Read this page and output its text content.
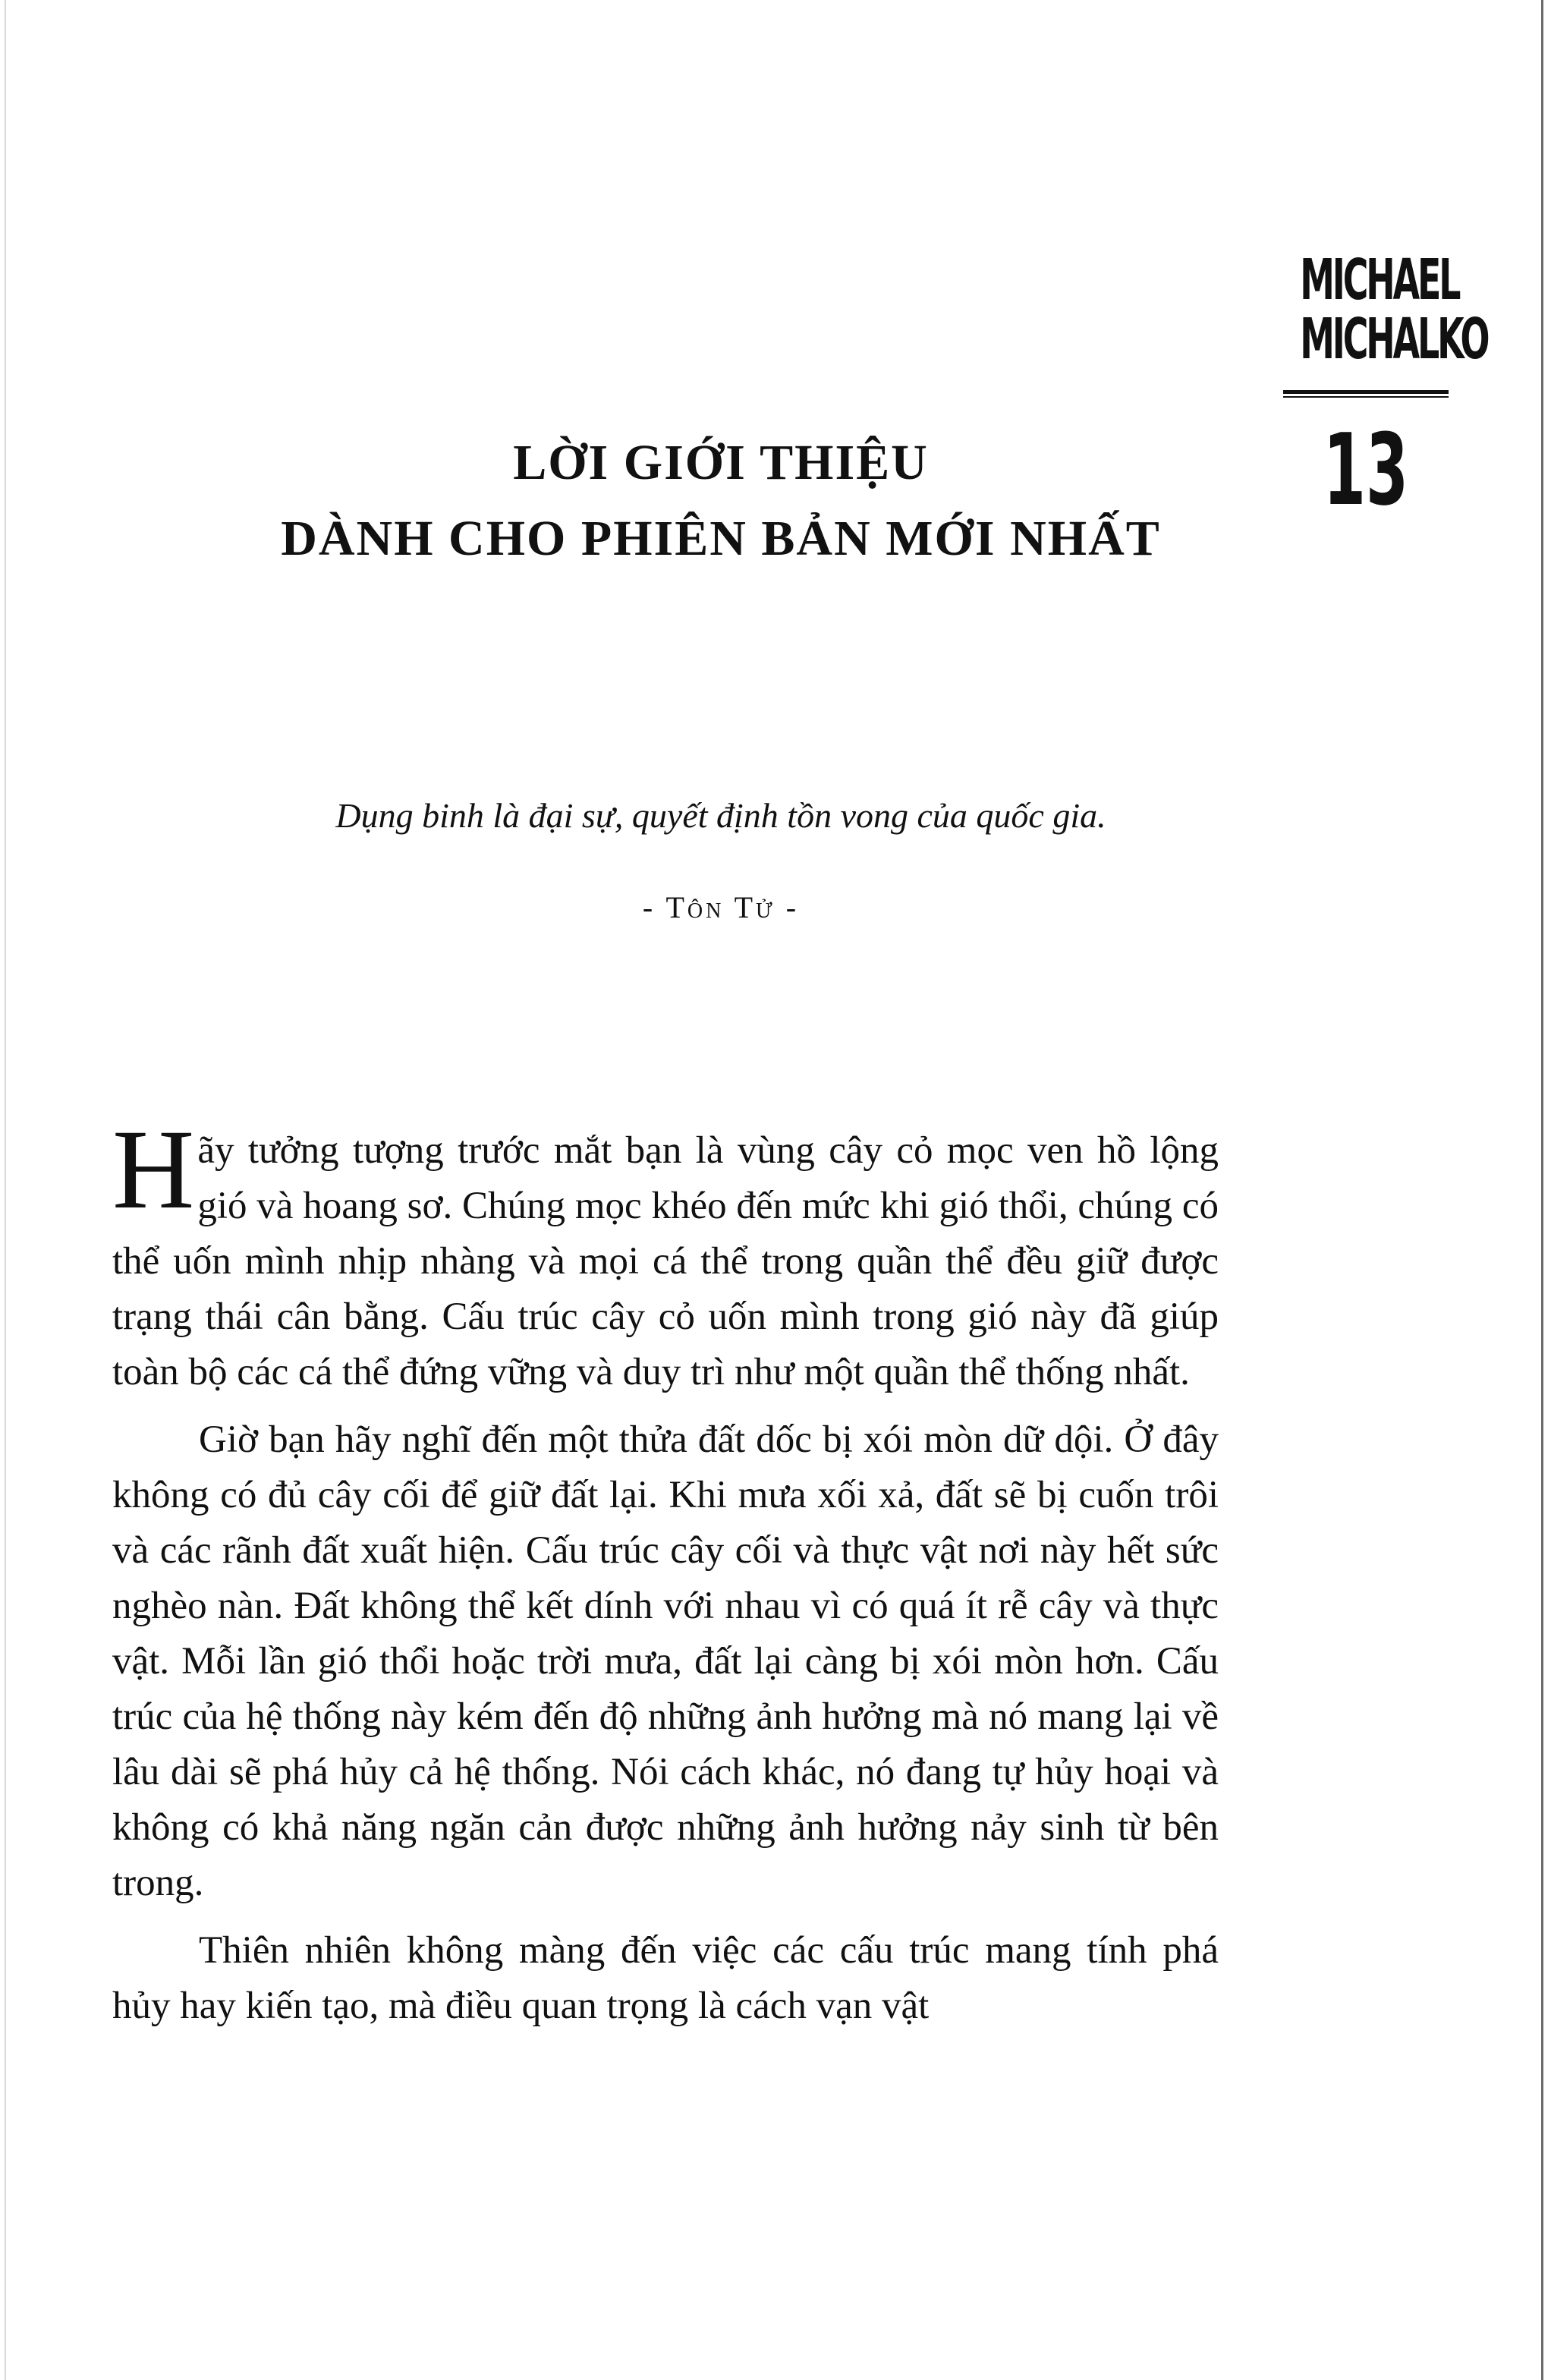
MICHAEL
MICHALKO
13
LỜI GIỚI THIỆU
DÀNH CHO PHIÊN BẢN MỚI NHẤT
Dụng binh là đại sự, quyết định tồn vong của quốc gia.
- Tôn Tử -

Hãy tưởng tượng trước mắt bạn là vùng cây cỏ mọc ven hồ lộng gió và hoang sơ. Chúng mọc khéo đến mức khi gió thổi, chúng có thể uốn mình nhịp nhàng và mọi cá thể trong quần thể đều giữ được trạng thái cân bằng. Cấu trúc cây cỏ uốn mình trong gió này đã giúp toàn bộ các cá thể đứng vững và duy trì như một quần thể thống nhất.

Giờ bạn hãy nghĩ đến một thửa đất dốc bị xói mòn dữ dội. Ở đây không có đủ cây cối để giữ đất lại. Khi mưa xối xả, đất sẽ bị cuốn trôi và các rãnh đất xuất hiện. Cấu trúc cây cối và thực vật nơi này hết sức nghèo nàn. Đất không thể kết dính với nhau vì có quá ít rễ cây và thực vật. Mỗi lần gió thổi hoặc trời mưa, đất lại càng bị xói mòn hơn. Cấu trúc của hệ thống này kém đến độ những ảnh hưởng mà nó mang lại về lâu dài sẽ phá hủy cả hệ thống. Nói cách khác, nó đang tự hủy hoại và không có khả năng ngăn cản được những ảnh hưởng nảy sinh từ bên trong.

Thiên nhiên không màng đến việc các cấu trúc mang tính phá hủy hay kiến tạo, mà điều quan trọng là cách vạn vật
